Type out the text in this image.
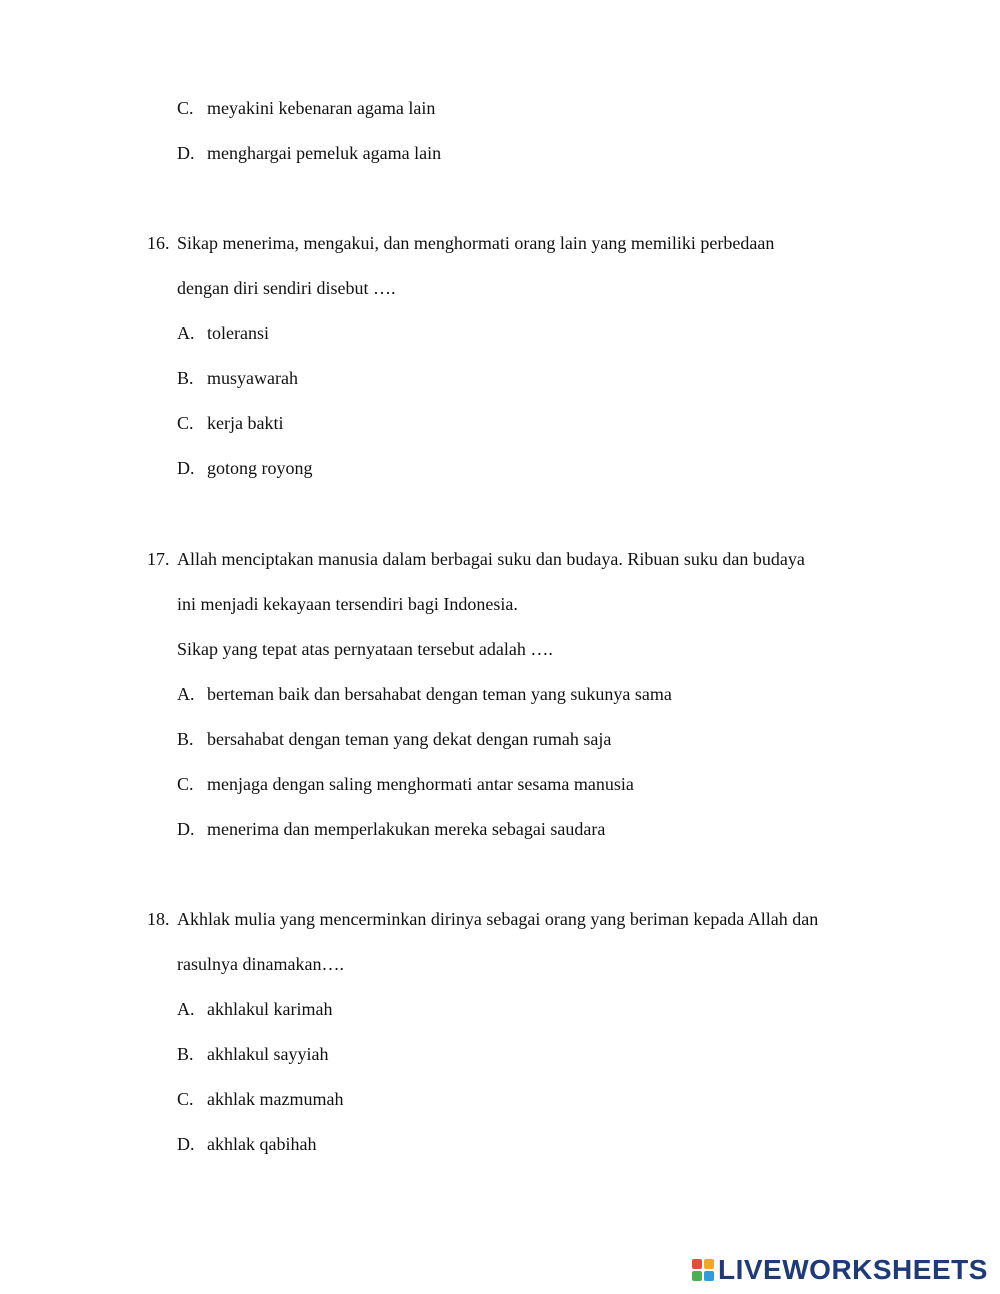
C. meyakini kebenaran agama lain
D. menghargai pemeluk agama lain
16. Sikap menerima, mengakui, dan menghormati orang lain yang memiliki perbedaan
dengan diri sendiri disebut ….
A. toleransi
B. musyawarah
C. kerja bakti
D. gotong royong
17. Allah menciptakan manusia dalam berbagai suku dan budaya. Ribuan suku dan budaya
ini menjadi kekayaan tersendiri bagi Indonesia.
Sikap yang tepat atas pernyataan tersebut adalah ….
A. berteman baik dan bersahabat dengan teman yang sukunya sama
B. bersahabat dengan teman yang dekat dengan rumah saja
C. menjaga dengan saling menghormati antar sesama manusia
D. menerima dan memperlakukan mereka sebagai saudara
18. Akhlak mulia yang mencerminkan dirinya sebagai orang yang beriman kepada Allah dan
rasulnya dinamakan….
A. akhlakul karimah
B. akhlakul sayyiah
C. akhlak mazmumah
D. akhlak qabihah
LIVEWORKSHEETS
